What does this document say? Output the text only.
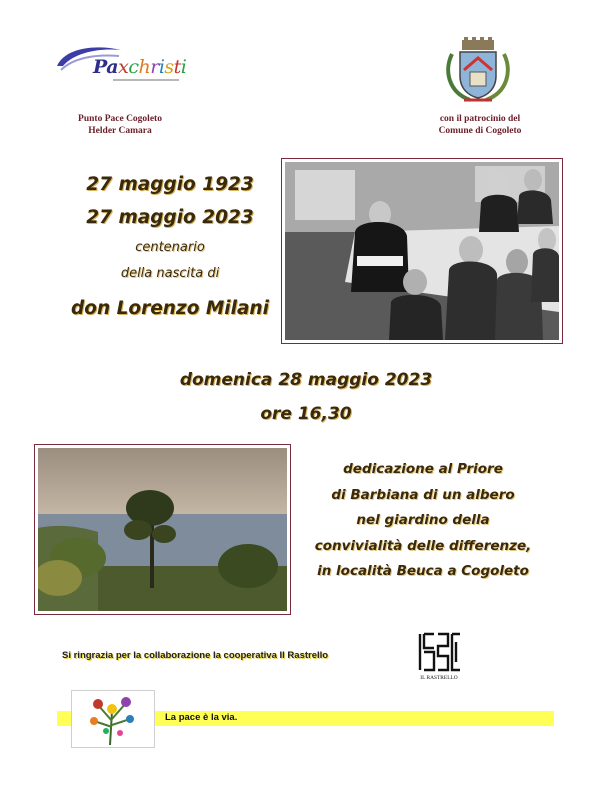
Paxchristi
Punto Pace Cogoleto
Helder Camara
con il patrocinio del
Comune di Cogoleto
27 maggio 1923
27 maggio 2023
centenario
della nascita di
don Lorenzo Milani
domenica 28 maggio 2023
ore 16,30
dedicazione al Priore
di Barbiana di un albero
nel giardino della
convivialità delle differenze,
in località Beuca a Cogoleto
Si ringrazia per la collaborazione la cooperativa Il Rastrello
IL RASTRELLO
La pace è la via.
